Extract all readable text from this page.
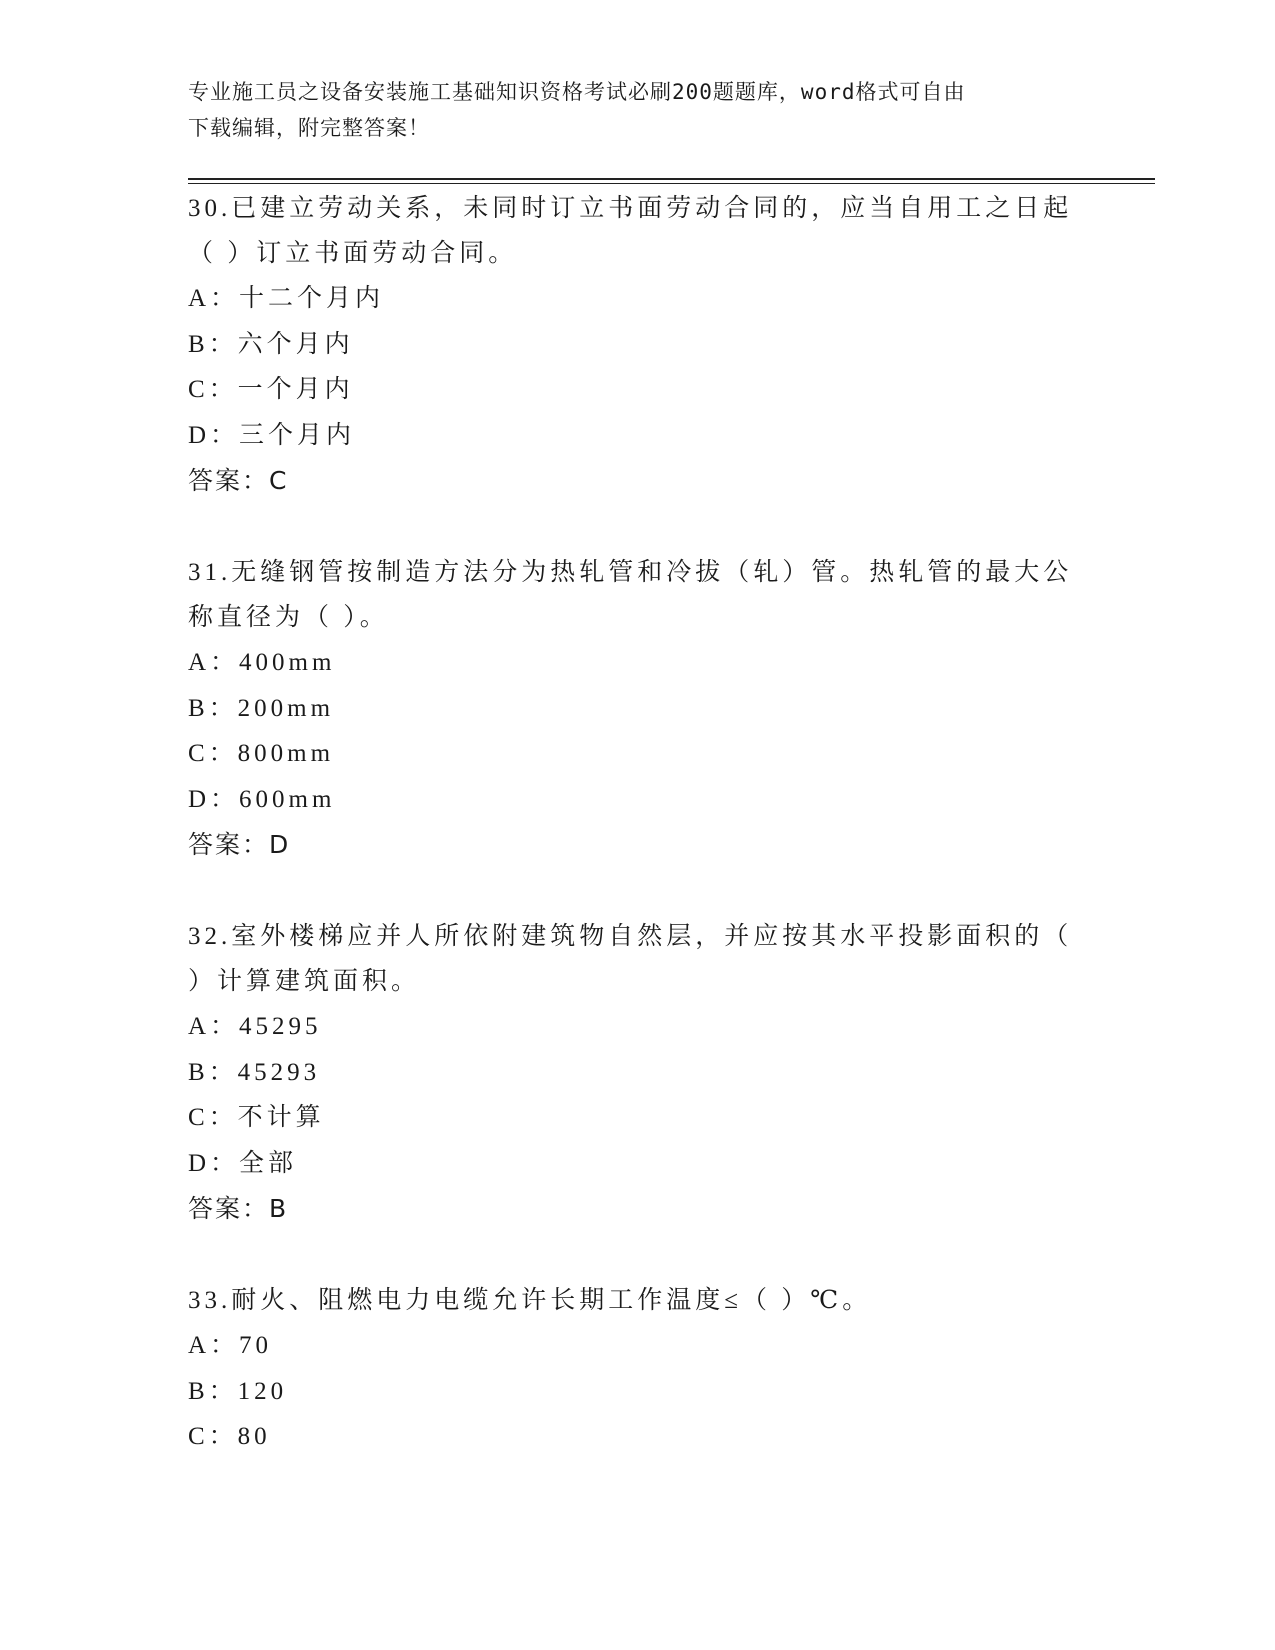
专业施工员之设备安装施工基础知识资格考试必刷200题题库，word格式可自由
下载编辑，附完整答案！

30.已建立劳动关系，未同时订立书面劳动合同的，应当自用工之日起

（ ）订立书面劳动合同。

A：十二个月内

B：六个月内

C：一个月内

D：三个月内

答案：C

31.无缝钢管按制造方法分为热轧管和冷拔（轧）管。热轧管的最大公

称直径为（ ）。

A：400mm

B：200mm

C：800mm

D：600mm

答案：D

32.室外楼梯应并人所依附建筑物自然层，并应按其水平投影面积的（

）计算建筑面积。

A：45295

B：45293

C：不计算

D：全部

答案：B

33.耐火、阻燃电力电缆允许长期工作温度≤（ ）℃。

A：70

B：120

C：80
